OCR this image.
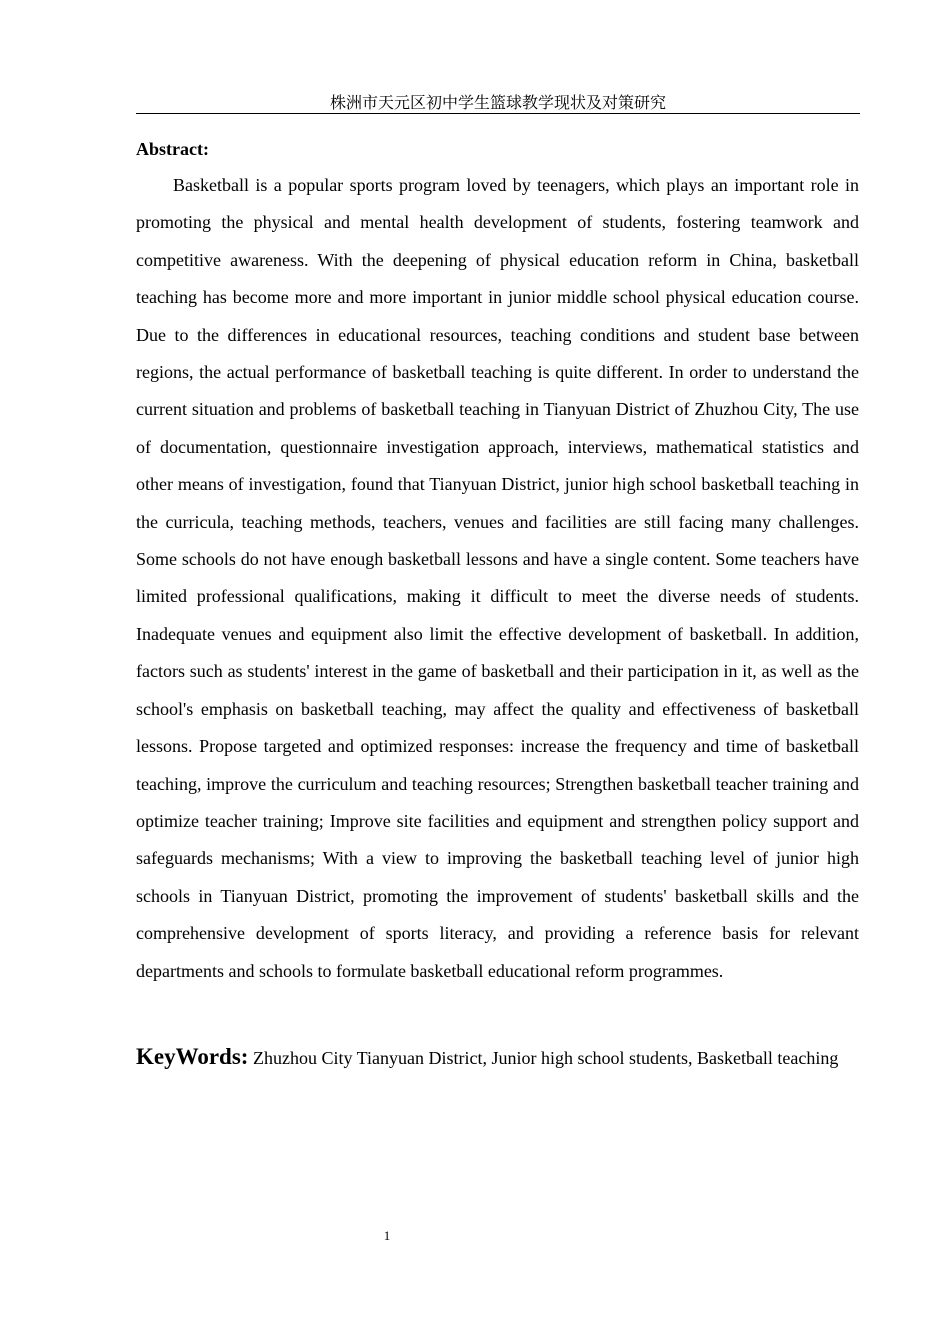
株洲市天元区初中学生篮球教学现状及对策研究
Abstract:

Basketball is a popular sports program loved by teenagers, which plays an important role in promoting the physical and mental health development of students, fostering teamwork and competitive awareness. With the deepening of physical education reform in China, basketball teaching has become more and more important in junior middle school physical education course. Due to the differences in educational resources, teaching conditions and student base between regions, the actual performance of basketball teaching is quite different. In order to understand the current situation and problems of basketball teaching in Tianyuan District of Zhuzhou City, The use of documentation, questionnaire investigation approach, interviews, mathematical statistics and other means of investigation, found that Tianyuan District, junior high school basketball teaching in the curricula, teaching methods, teachers, venues and facilities are still facing many challenges. Some schools do not have enough basketball lessons and have a single content. Some teachers have limited professional qualifications, making it difficult to meet the diverse needs of students. Inadequate venues and equipment also limit the effective development of basketball. In addition, factors such as students' interest in the game of basketball and their participation in it, as well as the school's emphasis on basketball teaching, may affect the quality and effectiveness of basketball lessons. Propose targeted and optimized responses: increase the frequency and time of basketball teaching, improve the curriculum and teaching resources; Strengthen basketball teacher training and optimize teacher training; Improve site facilities and equipment and strengthen policy support and safeguards mechanisms; With a view to improving the basketball teaching level of junior high schools in Tianyuan District, promoting the improvement of students' basketball skills and the comprehensive development of sports literacy, and providing a reference basis for relevant departments and schools to formulate basketball educational reform programmes.

KeyWords: Zhuzhou City Tianyuan District, Junior high school students, Basketball teaching

1
